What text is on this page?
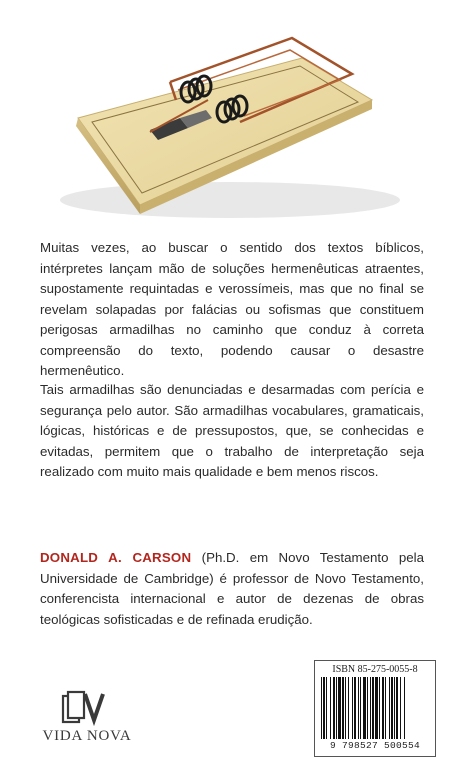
Muitas vezes, ao buscar o sentido dos textos bíblicos, intérpretes lançam mão de soluções hermenêuticas atraentes, supostamente requintadas e verossímeis, mas que no final se revelam solapadas por falácias ou sofismas que constituem perigosas armadilhas no caminho que conduz à correta compreensão do texto, podendo causar o desastre hermenêutico.

Tais armadilhas são denunciadas e desarmadas com perícia e segurança pelo autor. São armadilhas vocabulares, gramaticais, lógicas, históricas e de pressupostos, que, se conhecidas e evitadas, permitem que o trabalho de interpretação seja realizado com muito mais qualidade e bem menos riscos.

DONALD A. CARSON (Ph.D. em Novo Testamento pela Universidade de Cambridge) é professor de Novo Testamento, conferencista internacional e autor de dezenas de obras teológicas sofisticadas e de refinada erudição.

VIDA NOVA
ISBN 85-275-0055-8
9 798527 500554
